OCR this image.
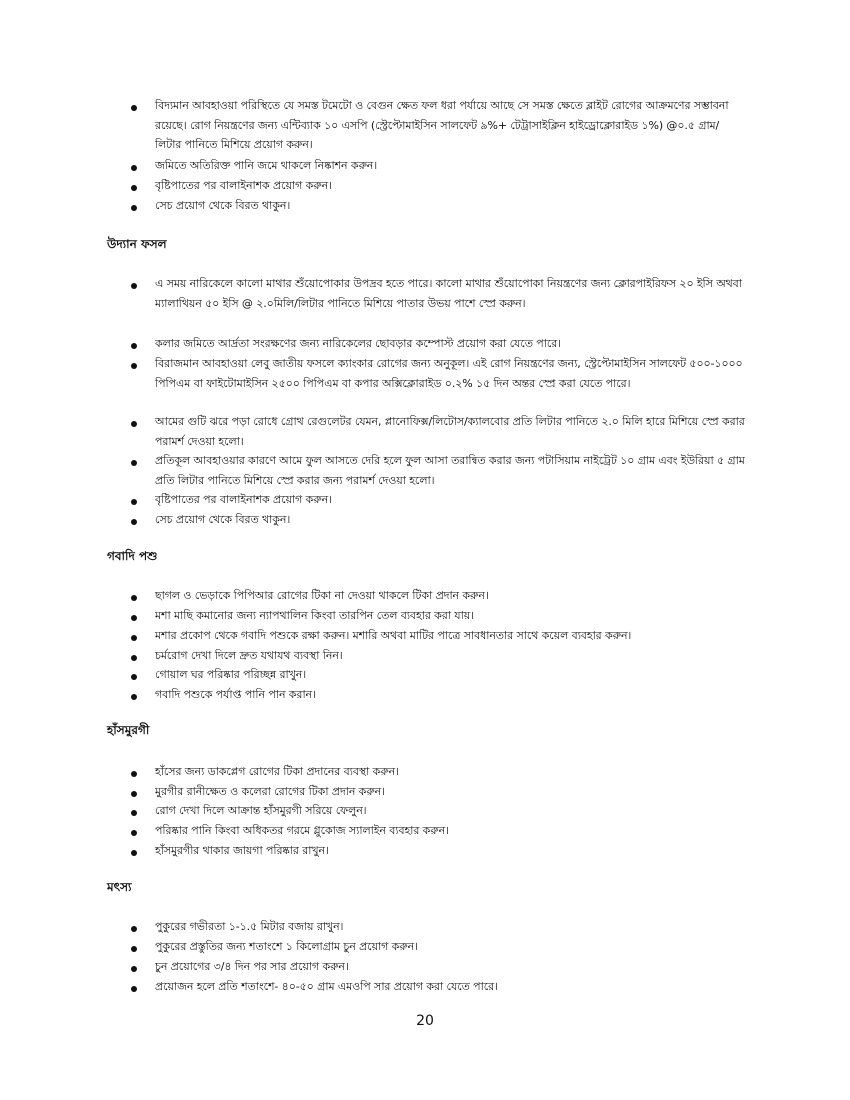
বিদ্যমান আবহাওয়া পরিস্থিতে যে সমস্ত টমেটো ও বেগুন ক্ষেত ফল ধরা পর্যায়ে আছে সে সমস্ত ক্ষেতে ব্লাইট রোগের আক্রমণের সম্ভাবনা রয়েছে। রোগ নিয়ন্ত্রণের জন্য এন্টিব্যাক ১০ এসপি (স্ট্রেপ্টোমাইসিন সালফেট ৯%+ টেট্রাসাইক্লিন হাইড্রোক্লোরাইড ১%) @০.৫ গ্রাম/লিটার পানিতে মিশিয়ে প্রয়োগ করুন।
জমিতে অতিরিক্ত পানি জমে থাকলে নিষ্কাশন করুন।
বৃষ্টিপাতের পর বালাইনাশক প্রয়োগ করুন।
সেচ প্রয়োগ থেকে বিরত থাকুন।
উদ্যান ফসল
এ সময় নারিকেলে কালো মাথার শুঁয়োপোকার উপদ্রব হতে পারে। কালো মাথার শুঁয়োপোকা নিয়ন্ত্রণের জন্য ক্লোরপাইরিফস ২০ ইসি অথবা ম্যালাথিয়ন ৫০ ইসি @ ২.০মিলি/লিটার পানিতে মিশিয়ে পাতার উভয় পাশে স্প্রে করুন।
কলার জমিতে আর্দ্রতা সংরক্ষণের জন্য নারিকেলের ছোবড়ার কম্পোস্ট প্রয়োগ করা যেতে পারে।
বিরাজমান আবহাওয়া লেবু জাতীয় ফসলে ক্যাংকার রোগের জন্য অনুকূল। এই রোগ নিয়ন্ত্রণের জন্য, স্ট্রেপ্টোমাইসিন সালফেট ৫০০-১০০০ পিপিএম বা ফাইটোমাইসিন ২৫০০ পিপিএম বা কপার অক্সিক্লোরাইড ০.২% ১৫ দিন অন্তর স্প্রে করা যেতে পারে।
আমের গুটি ঝরে পড়া রোধে গ্রোথ রেগুলেটর যেমন, প্লানোফিক্স/লিটোস/ক্যালবোর প্রতি লিটার পানিতে ২.০ মিলি হারে মিশিয়ে স্প্রে করার পরামর্শ দেওয়া হলো।
প্রতিকূল আবহাওয়ার কারণে আমে ফুল আসতে দেরি হলে ফুল আসা তরান্বিত করার জন্য পটাসিয়াম নাইট্রেট ১০ গ্রাম এবং ইউরিয়া ৫ গ্রাম প্রতি লিটার পানিতে মিশিয়ে স্প্রে করার জন্য পরামর্শ দেওয়া হলো।
বৃষ্টিপাতের পর বালাইনাশক প্রয়োগ করুন।
সেচ প্রয়োগ থেকে বিরত থাকুন।
গবাদি পশু
ছাগল ও ভেড়াকে পিপিআর রোগের টিকা না দেওয়া থাকলে টিকা প্রদান করুন।
মশা মাছি কমানোর জন্য ন্যাপথালিন কিংবা তারপিন তেল ব্যবহার করা যায়।
মশার প্রকোপ থেকে গবাদি পশুকে রক্ষা করুন। মশারি অথবা মাটির পাত্রে সাবধানতার সাথে কয়েল ব্যবহার করুন।
চর্মরোগ দেখা দিলে দ্রুত যথাযথ ব্যবস্থা নিন।
গোয়াল ঘর পরিষ্কার পরিচ্ছন্ন রাখুন।
গবাদি পশুকে পর্যাপ্ত পানি পান করান।
হাঁসমুরগী
হাঁসের জন্য ডাকপ্লেগ রোগের টিকা প্রদানের ব্যবস্থা করুন।
মুরগীর রানীক্ষেত ও কলেরা রোগের টিকা প্রদান করুন।
রোগ দেখা দিলে আক্রান্ত হাঁসমুরগী সরিয়ে ফেলুন।
পরিষ্কার পানি কিংবা অধিকতর গরমে গ্লুকোজ স্যালাইন ব্যবহার করুন।
হাঁসমুরগীর থাকার জায়গা পরিষ্কার রাখুন।
মৎস্য
পুকুরের গভীরতা ১-১.৫ মিটার বজায় রাখুন।
পুকুরের প্রস্তুতির জন্য শতাংশে ১ কিলোগ্রাম চুন প্রয়োগ করুন।
চুন প্রয়োগের ৩/৪ দিন পর সার প্রয়োগ করুন।
প্রয়োজন হলে প্রতি শতাংশে- ৪০-৫০ গ্রাম এমওপি সার প্রয়োগ করা যেতে পারে।
20
